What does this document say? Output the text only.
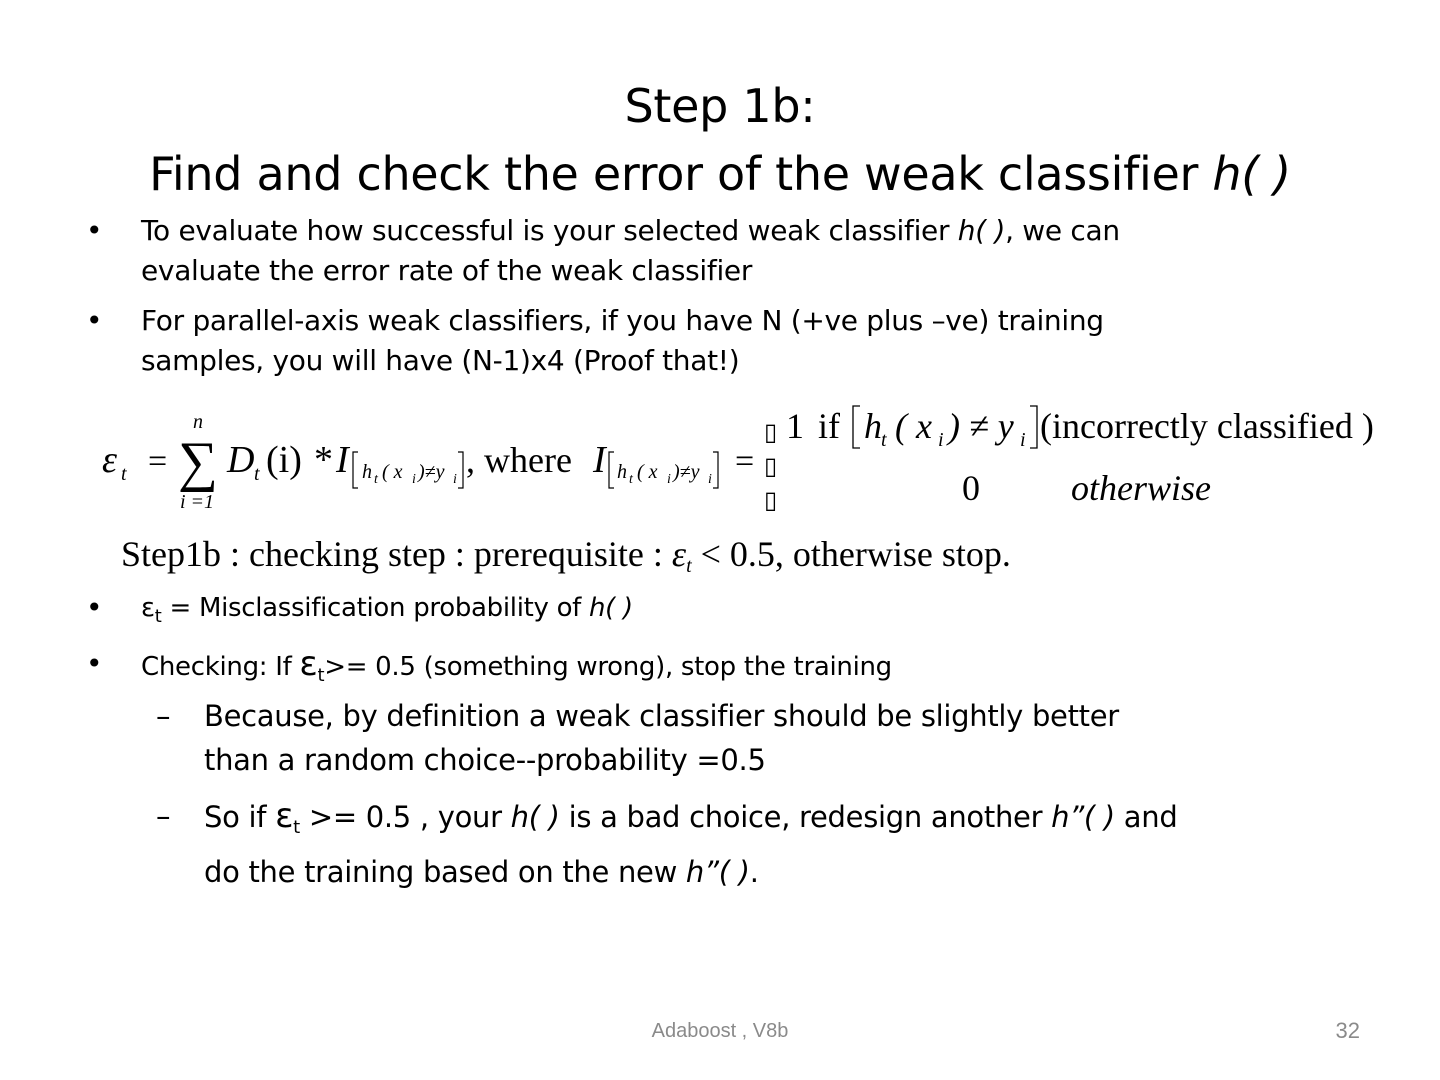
Step 1b:
Find and check the error of the weak classifier h( )
• To evaluate how successful is your selected weak classifier h( ), we can
evaluate the error rate of the weak classifier
• For parallel-axis weak classifiers, if you have N (+ve plus –ve) training
samples, you will have (N-1)x4 (Proof that!)
ε t = ∑
n
i =1
D t (i) * I h t ( x i )≠y i , where I h t ( x i )≠y i =
▯
▯
▯
1 if h t ( x i ) ≠ y i (incorrectly classified )
0	otherwise
Step1b : checking step : prerequisite : εt < 0.5, otherwise stop.
• $\varepsilon_t$ = Misclassification probability of h( )
• Checking: If $\varepsilon_t>= 0.5$ (something wrong), stop the training
– Because, by definition a weak classifier should be slightly better
than a random choice--probability =0.5
– So if $\varepsilon_t >= 0.5$ , your h( ) is a bad choice, redesign another h”( ) and
do the training based on the new h”( ).
Adaboost , V8b	32
